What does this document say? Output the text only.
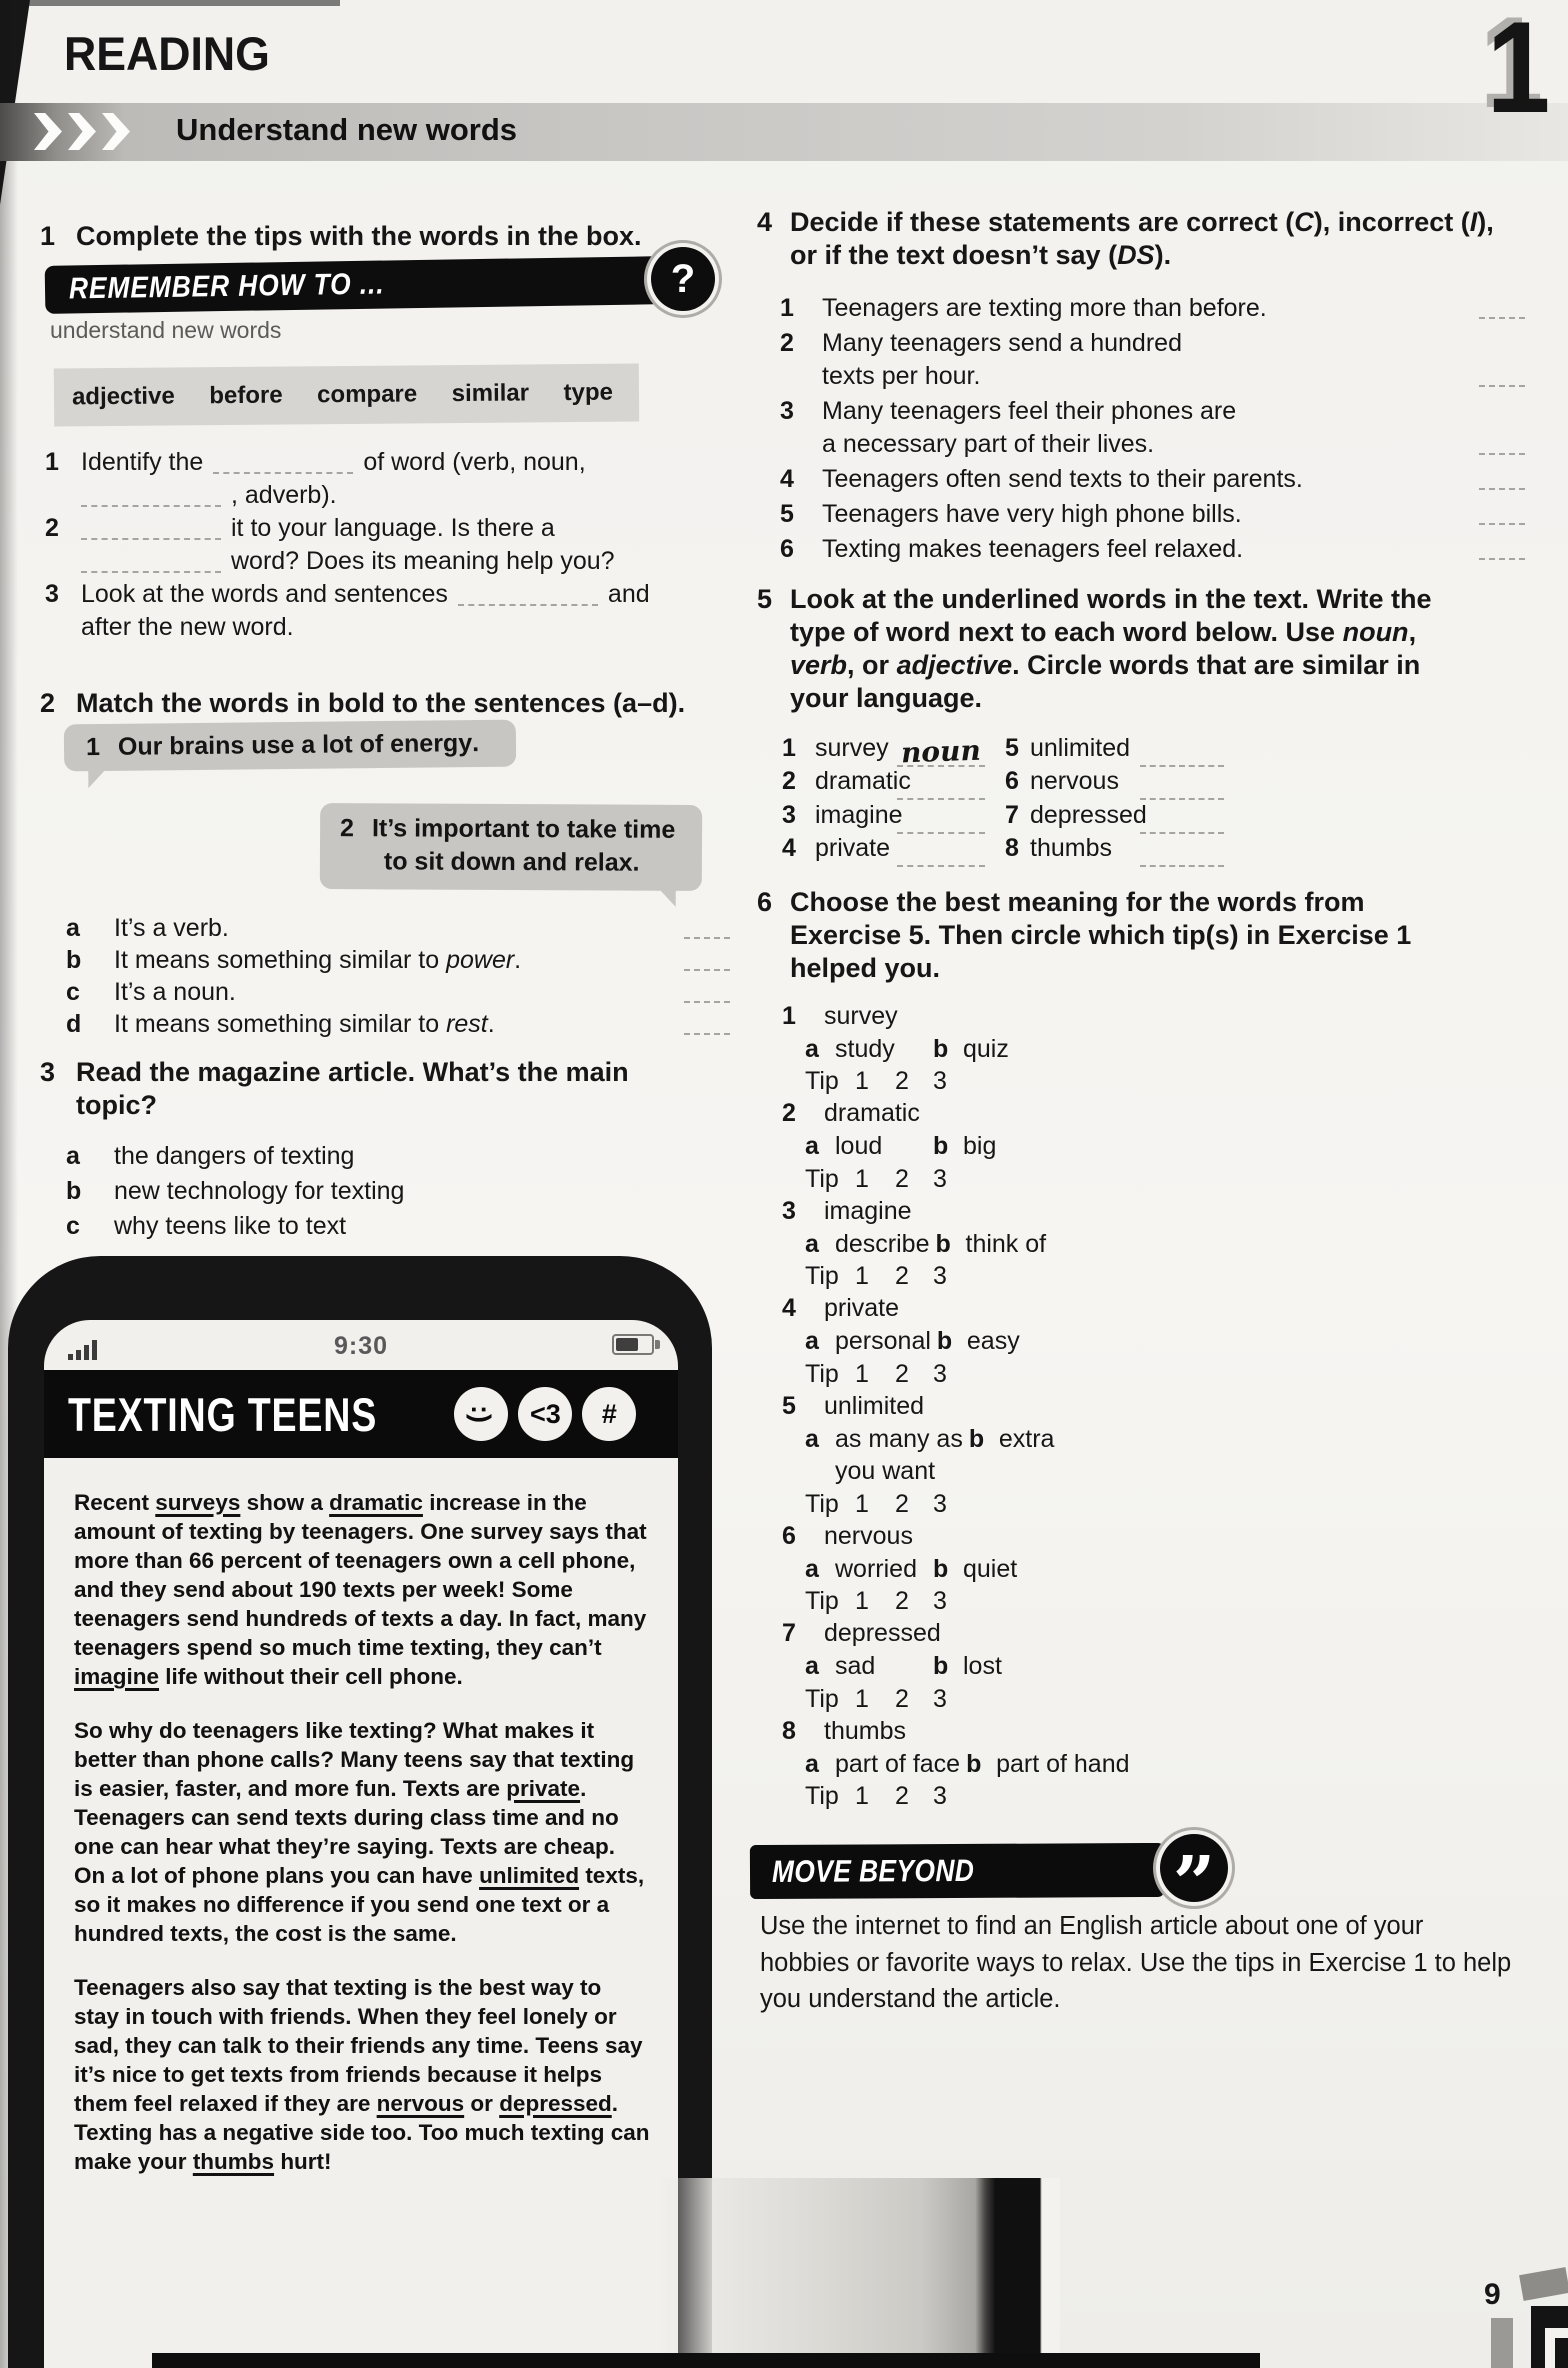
READING
Understand new words	1
1 Complete the tips with the words in the box.
REMEMBER HOW TO ...	?
understand new words
adjective before compare similar type
1 Identify the	of word (verb, noun,
, adverb).
2	it to your language. Is there a
word? Does its meaning help you?
3 Look at the words and sentences	and
after the new word.
2 Match the words in bold to the sentences (a–d).
1 Our brains use a lot of energy.
2 It’s important to take time
to sit down and relax.
a	It’s a verb.
b	It means something similar to power.
c	It’s a noun.
d	It means something similar to rest.
3 Read the magazine article. What’s the main topic?
a	the dangers of texting
b	new technology for texting
c	why teens like to text
9:30
TEXTING TEENS	:)	<3	#

Recent surveys show a dramatic increase in the amount of texting by teenagers. One survey says that more than 66 percent of teenagers own a cell phone, and they send about 190 texts per week! Some teenagers send hundreds of texts a day. In fact, many teenagers spend so much time texting, they can’t imagine life without their cell phone.

So why do teenagers like texting? What makes it better than phone calls? Many teens say that texting is easier, faster, and more fun. Texts are private. Teenagers can send texts during class time and no one can hear what they’re saying. Texts are cheap. On a lot of phone plans you can have unlimited texts, so it makes no difference if you send one text or a hundred texts, the cost is the same.

Teenagers also say that texting is the best way to stay in touch with friends. When they feel lonely or sad, they can talk to their friends any time. Teens say it’s nice to get texts from friends because it helps them feel relaxed if they are nervous or depressed. Texting has a negative side too. Too much texting can make your thumbs hurt!

4 Decide if these statements are correct (C), incorrect (I), or if the text doesn’t say (DS).
1	Teenagers are texting more than before.
2	Many teenagers send a hundred
texts per hour.
3	Many teenagers feel their phones are
a necessary part of their lives.
4	Teenagers often send texts to their parents.
5	Teenagers have very high phone bills.
6	Texting makes teenagers feel relaxed.
5 Look at the underlined words in the text. Write the type of word next to each word below. Use noun, verb, or adjective. Circle words that are similar in your language.
1 survey noun 5 unlimited
2 dramatic	6 nervous
3 imagine	7 depressed
4 private	8 thumbs
6 Choose the best meaning for the words from Exercise 5. Then circle which tip(s) in Exercise 1 helped you.
1	survey
a study b quiz
Tip 1	2 3
2	dramatic
a loud b big
Tip 1	2 3
3	imagine
a describe b think of
Tip 1	2 3
4	private
a personal b easy
Tip 1	2 3
5	unlimited
a as many as
you want
b extra
Tip 1	2 3
6	nervous
a worried b quiet
Tip 1	2 3
7	depressed
a sad b lost
Tip 1	2 3
8	thumbs
a part of face b part of hand
Tip 1	2 3
MOVE BEYOND	”
Use the internet to find an English article about one of your hobbies or favorite ways to relax. Use the tips in Exercise 1 to help you understand the article.
9
